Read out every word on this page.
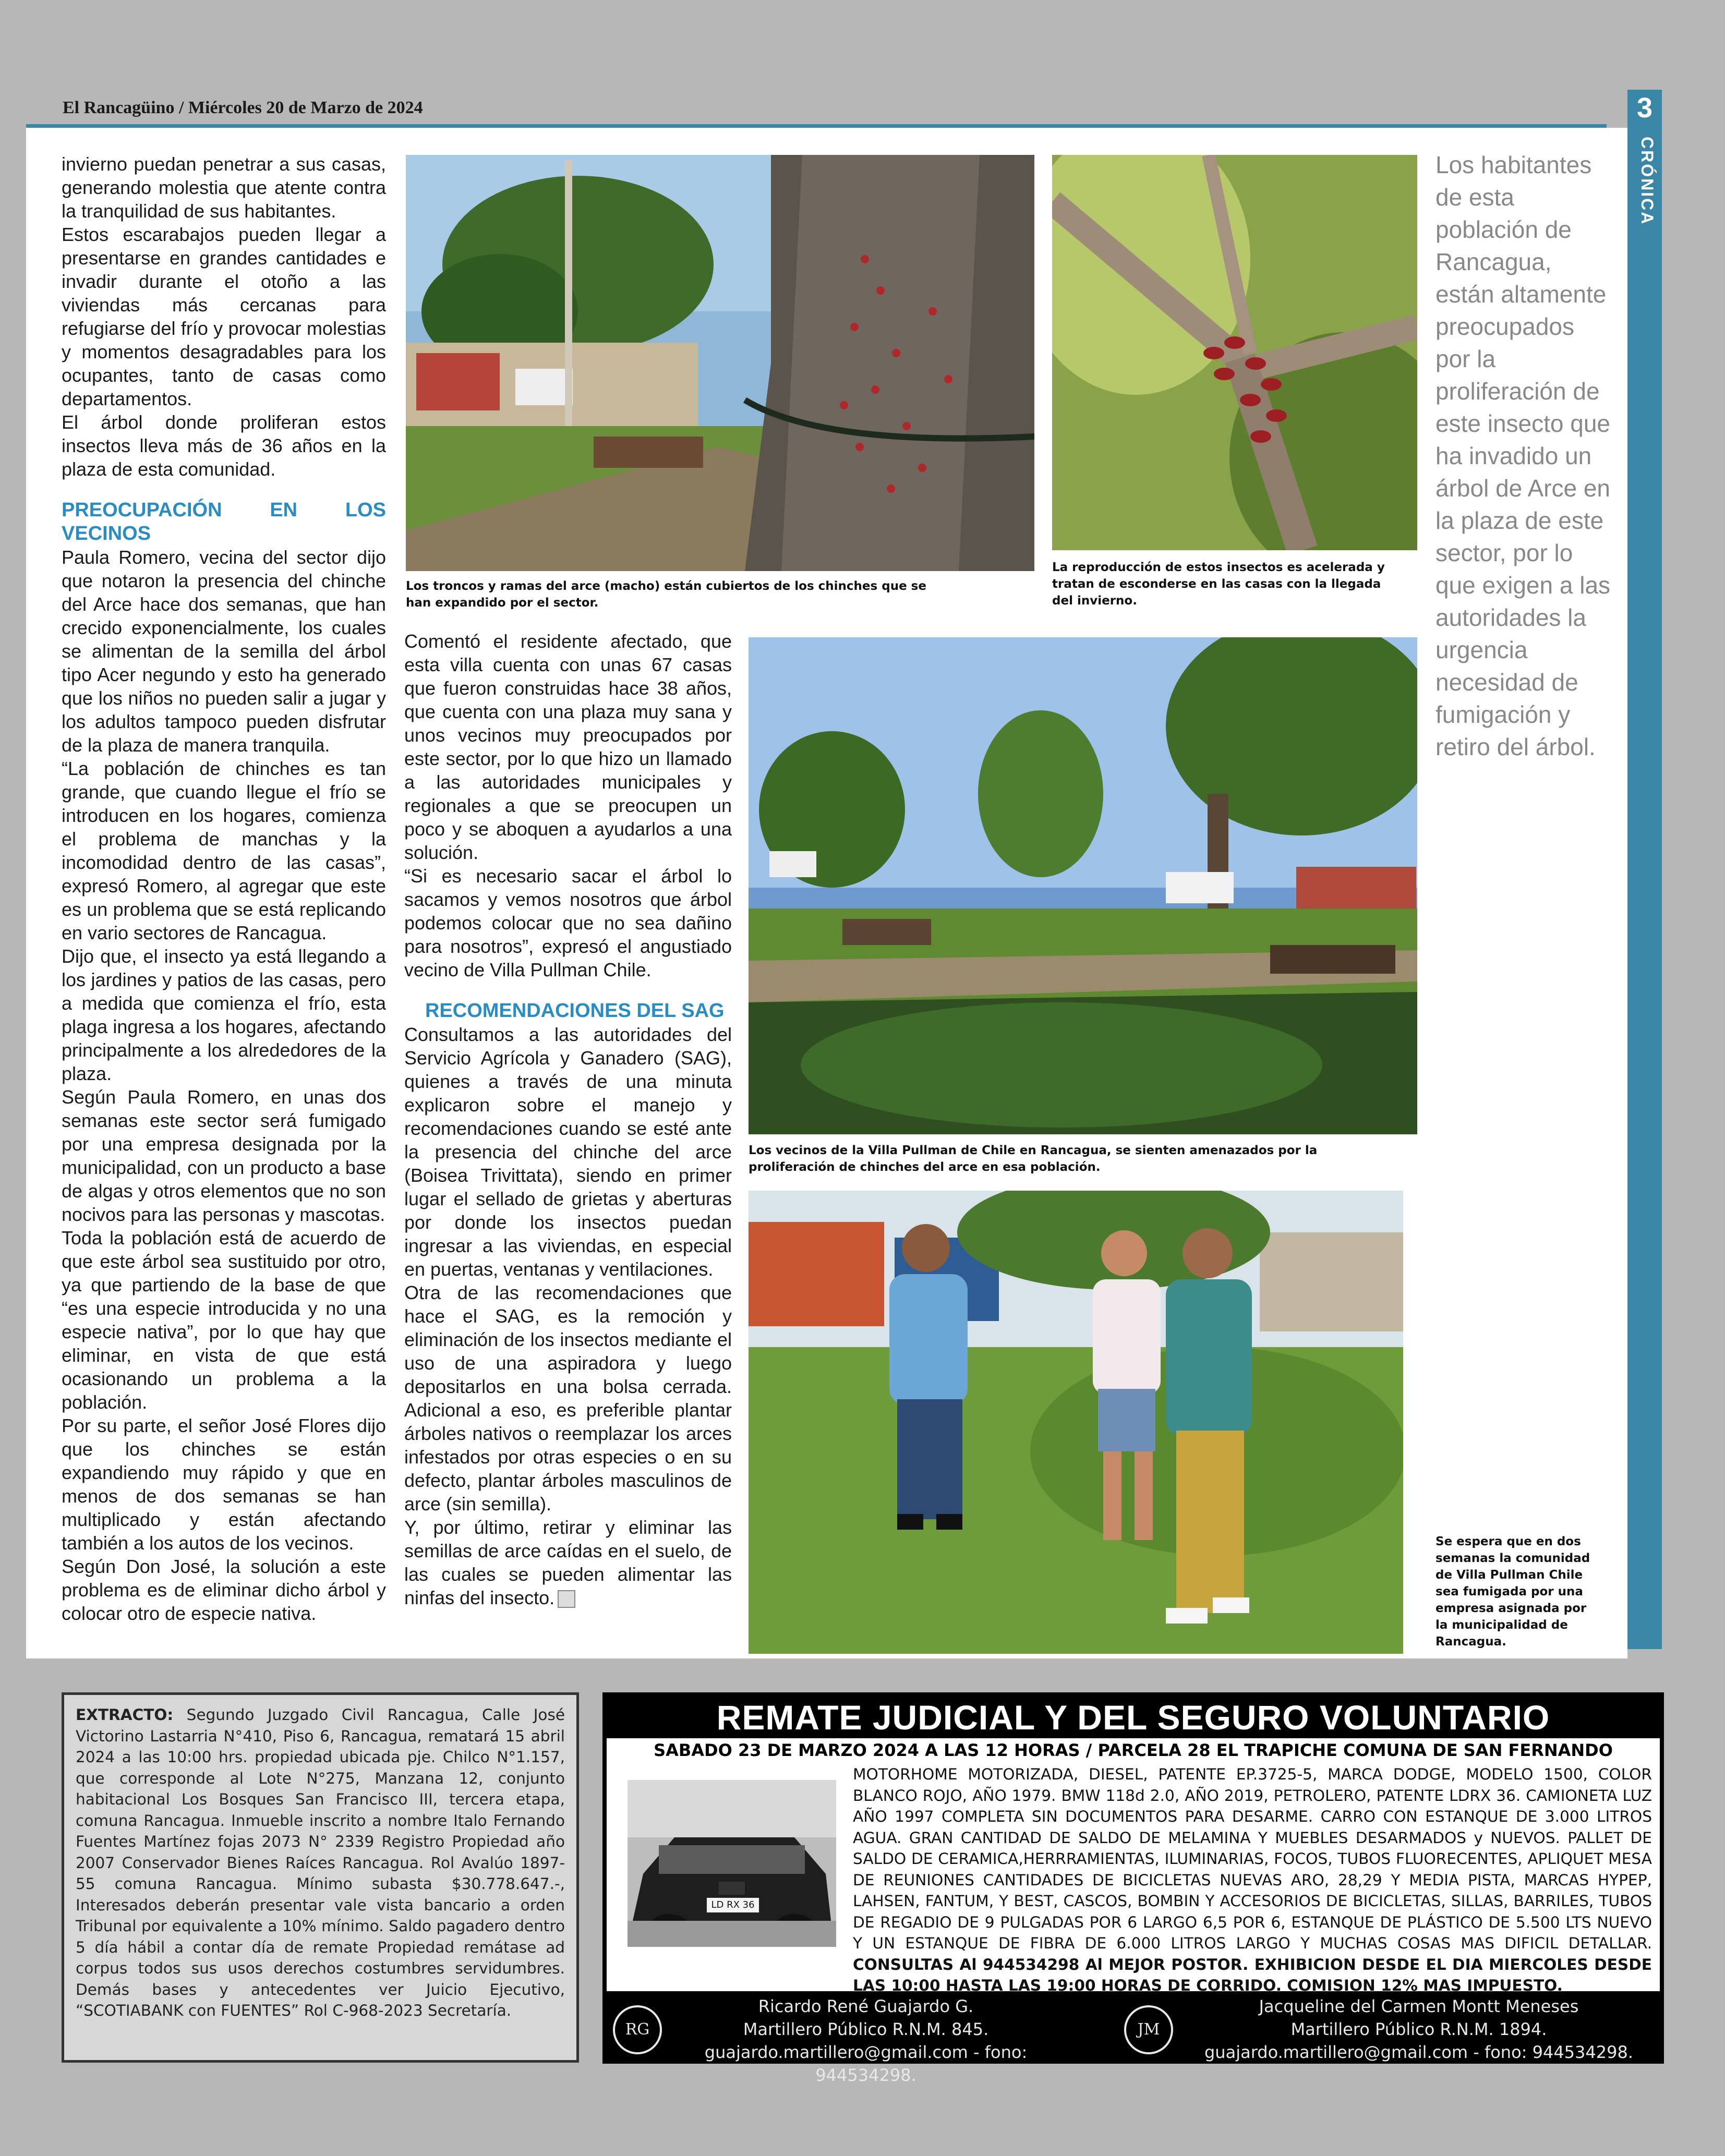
El Rancagüino / Miércoles 20 de Marzo de 2024	3
CRÓNICA

invierno puedan penetrar a sus casas, generando molestia que atente contra la tranquilidad de sus habitantes.

Estos escarabajos pueden llegar a presentarse en grandes cantidades e invadir durante el otoño a las viviendas más cercanas para refugiarse del frío y provocar molestias y momentos desagradables para los ocupantes, tanto de casas como departamentos.

El árbol donde proliferan estos insectos lleva más de 36 años en la plaza de esta comunidad.

PREOCUPACIÓN EN LOS VECINOS

Paula Romero, vecina del sector dijo que notaron la presencia del chinche del Arce hace dos semanas, que han crecido exponencialmente, los cuales se alimentan de la semilla del árbol tipo Acer negundo y esto ha generado que los niños no pueden salir a jugar y los adultos tampoco pueden disfrutar de la plaza de manera tranquila.

“La población de chinches es tan grande, que cuando llegue el frío se introducen en los hogares, comienza el problema de manchas y la incomodidad dentro de las casas”, expresó Romero, al agregar que este es un problema que se está replicando en vario sectores de Rancagua.

Dijo que, el insecto ya está llegando a los jardines y patios de las casas, pero a medida que comienza el frío, esta plaga ingresa a los hogares, afectando principalmente a los alrededores de la plaza.

Según Paula Romero, en unas dos semanas este sector será fumigado por una empresa designada por la municipalidad, con un producto a base de algas y otros elementos que no son nocivos para las personas y mascotas.

Toda la población está de acuerdo de que este árbol sea sustituido por otro, ya que partiendo de la base de que “es una especie introducida y no una especie nativa”, por lo que hay que eliminar, en vista de que está ocasionando un problema a la población.

Por su parte, el señor José Flores dijo que los chinches se están expandiendo muy rápido y que en menos de dos semanas se han multiplicado y están afectando también a los autos de los vecinos.

Según Don José, la solución a este problema es de eliminar dicho árbol y colocar otro de especie nativa.

Los troncos y ramas del arce (macho) están cubiertos de los chinches que se han expandido por el sector.
La reproducción de estos insectos es acelerada y tratan de esconderse en las casas con la llegada del invierno.
Los habitantes de esta población de Rancagua, están altamente preocupados por la proliferación de este insecto que ha invadido un árbol de Arce en la plaza de este sector, por lo que exigen a las autoridades la urgencia necesidad de fumigación y retiro del árbol.

Comentó el residente afectado, que esta villa cuenta con unas 67 casas que fueron construidas hace 38 años, que cuenta con una plaza muy sana y unos vecinos muy preocupados por este sector, por lo que hizo un llamado a las autoridades municipales y regionales a que se preocupen un poco y se aboquen a ayudarlos a una solución.

“Si es necesario sacar el árbol lo sacamos y vemos nosotros que árbol podemos colocar que no sea dañino para nosotros”, expresó el angustiado vecino de Villa Pullman Chile.

RECOMENDACIONES DEL SAG

Consultamos a las autoridades del Servicio Agrícola y Ganadero (SAG), quienes a través de una minuta explicaron sobre el manejo y recomendaciones cuando se esté ante la presencia del chinche del arce (Boisea Trivittata), siendo en primer lugar el sellado de grietas y aberturas por donde los insectos puedan ingresar a las viviendas, en especial en puertas, ventanas y ventilaciones.

Otra de las recomendaciones que hace el SAG, es la remoción y eliminación de los insectos mediante el uso de una aspiradora y luego depositarlos en una bolsa cerrada. Adicional a eso, es preferible plantar árboles nativos o reemplazar los arces infestados por otras especies o en su defecto, plantar árboles masculinos de arce (sin semilla).

Y, por último, retirar y eliminar las semillas de arce caídas en el suelo, de las cuales se pueden alimentar las ninfas del insecto.

Los vecinos de la Villa Pullman de Chile en Rancagua, se sienten amenazados por la proliferación de chinches del arce en esa población.
Se espera que en dos semanas la comunidad de Villa Pullman Chile sea fumigada por una empresa asignada por la municipalidad de Rancagua.

EXTRACTO: Segundo Juzgado Civil Rancagua, Calle José Victorino Lastarria N°410, Piso 6, Rancagua, rematará 15 abril 2024 a las 10:00 hrs. propiedad ubicada pje. Chilco N°1.157, que corresponde al Lote N°275, Manzana 12, conjunto habitacional Los Bosques San Francisco III, tercera etapa, comuna Rancagua. Inmueble inscrito a nombre Italo Fernando Fuentes Martínez fojas 2073 N° 2339 Registro Propiedad año 2007 Conservador Bienes Raíces Rancagua. Rol Avalúo 1897-55 comuna Rancagua. Mínimo subasta $30.778.647.-, Interesados deberán presentar vale vista bancario a orden Tribunal por equivalente a 10% mínimo. Saldo pagadero dentro 5 día hábil a contar día de remate Propiedad remátase ad corpus todos sus usos derechos costumbres servidumbres. Demás bases y antecedentes ver Juicio Ejecutivo, “SCOTIABANK con FUENTES” Rol C-968-2023 Secretaría.

REMATE JUDICIAL Y DEL SEGURO VOLUNTARIO
LD RX 36
SABADO 23 DE MARZO 2024 A LAS 12 HORAS / PARCELA 28 EL TRAPICHE COMUNA DE SAN FERNANDO
MOTORHOME MOTORIZADA, DIESEL, PATENTE EP.3725-5, MARCA DODGE, MODELO 1500, COLOR BLANCO ROJO, AÑO 1979. BMW 118d 2.0, AÑO 2019, PETROLERO, PATENTE LDRX 36. CAMIONETA LUZ AÑO 1997 COMPLETA SIN DOCUMENTOS PARA DESARME. CARRO CON ESTANQUE DE 3.000 LITROS AGUA. GRAN CANTIDAD DE SALDO DE MELAMINA Y MUEBLES DESARMADOS y NUEVOS. PALLET DE SALDO DE CERAMICA,HERRRAMIENTAS, ILUMINARIAS, FOCOS, TUBOS FLUORECENTES, APLIQUET MESA DE REUNIONES CANTIDADES DE BICICLETAS NUEVAS ARO, 28,29 Y MEDIA PISTA, MARCAS HYPEP, LAHSEN, FANTUM, Y BEST, CASCOS, BOMBIN Y ACCESORIOS DE BICICLETAS, SILLAS, BARRILES, TUBOS DE REGADIO DE 9 PULGADAS POR 6 LARGO 6,5 POR 6, ESTANQUE DE PLÁSTICO DE 5.500 LTS NUEVO Y UN ESTANQUE DE FIBRA DE 6.000 LITROS LARGO Y MUCHAS COSAS MAS DIFICIL DETALLAR. CONSULTAS Al 944534298 Al MEJOR POSTOR. EXHIBICION DESDE EL DIA MIERCOLES DESDE LAS 10:00 HASTA LAS 19:00 HORAS DE CORRIDO. COMISION 12% MAS IMPUESTO.
RG
Ricardo René Guajardo G.
Martillero Público R.N.M. 845.
guajardo.martillero@gmail.com - fono: 944534298.
JM
Jacqueline del Carmen Montt Meneses
Martillero Público R.N.M. 1894.
guajardo.martillero@gmail.com - fono: 944534298.
